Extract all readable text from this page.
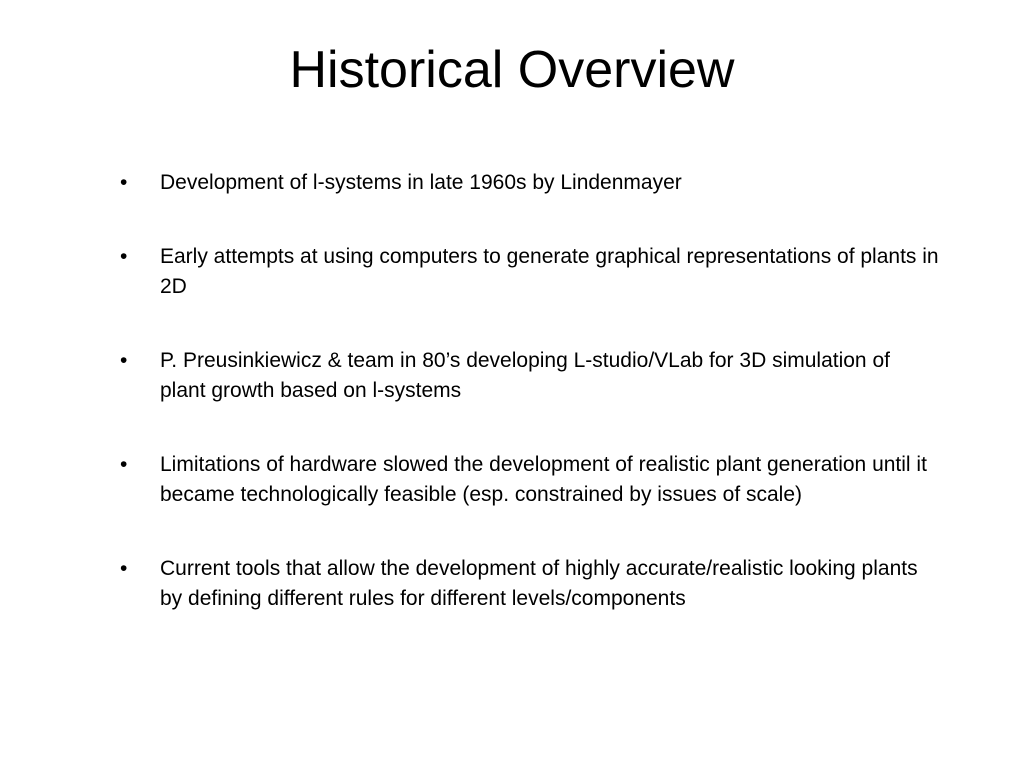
Historical Overview
•	Development of l-systems in late 1960s by Lindenmayer
•	Early attempts at using computers to generate graphical representations of plants in 2D
•	P. Preusinkiewicz & team in 80’s developing L-studio/VLab for 3D simulation of plant growth based on l-systems
•	Limitations of hardware slowed the development of realistic plant generation until it became technologically feasible (esp. constrained by issues of scale)
•	Current tools that allow the development of highly accurate/realistic looking plants by defining different rules for different levels/components
